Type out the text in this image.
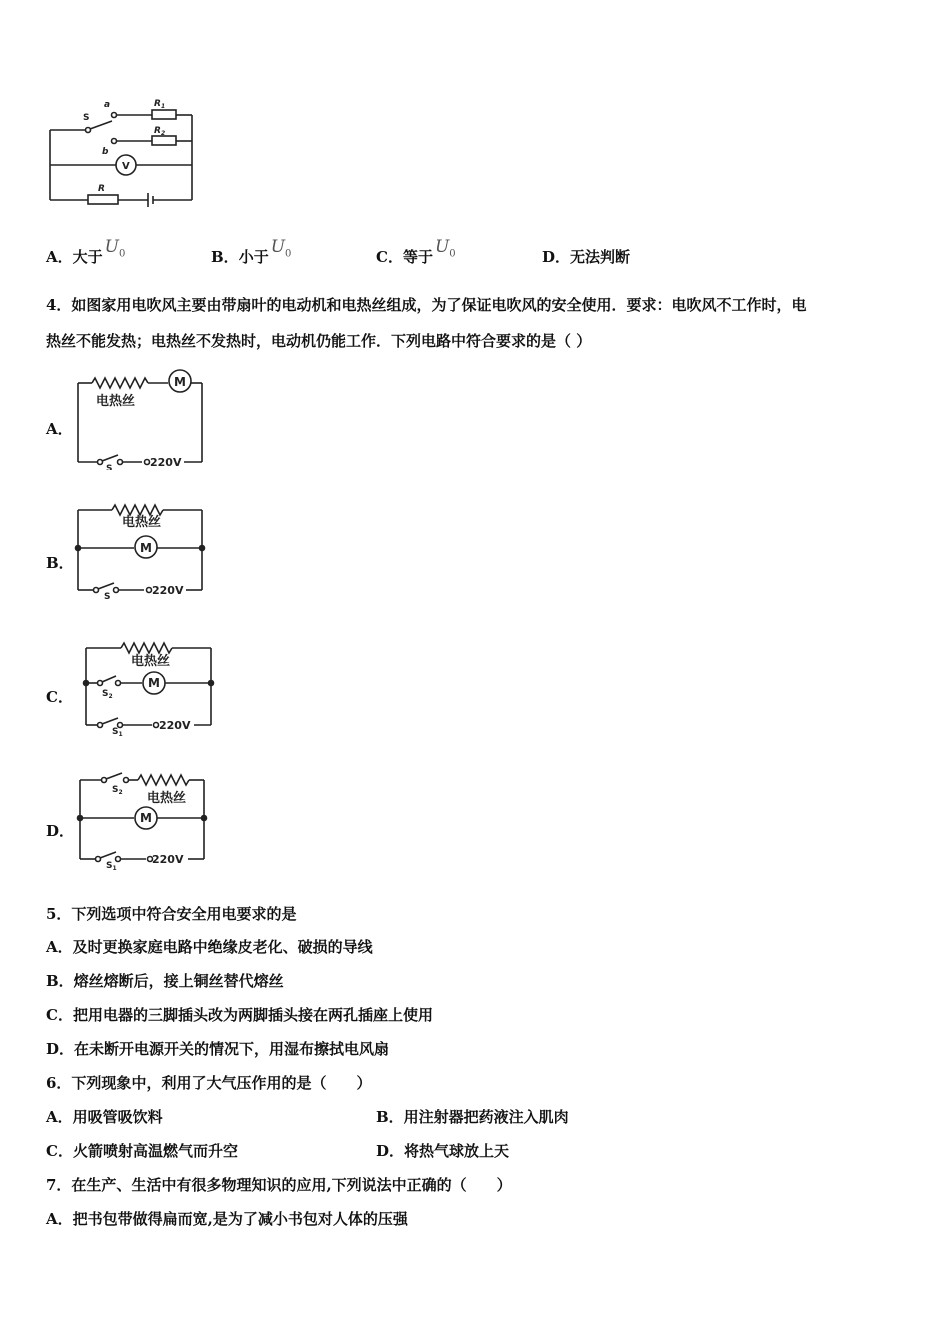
S
a
b
$R_1$
$R_2$
V
R
A．大于 $U_0$	B．小于 $U_0$	C．等于 $U_0$	D．无法判断
4．如图家用电吹风主要由带扇叶的电动机和电热丝组成，为了保证电吹风的安全使用．要求：电吹风不工作时，电
热丝不能发热；电热丝不发热时，电动机仍能工作．下列电路中符合要求的是（ ）
A．
电热丝
M
S	220V
B．
电热丝
M
S	220V
C．
电热丝
M
$S_2$
$S_1$
220V
D．
$S_2$ 电热丝
M
$S_1$
220V
5．下列选项中符合安全用电要求的是
A．及时更换家庭电路中绝缘皮老化、破损的导线
B．熔丝熔断后，接上铜丝替代熔丝
C．把用电器的三脚插头改为两脚插头接在两孔插座上使用
D．在未断开电源开关的情况下，用湿布擦拭电风扇
6．下列现象中，利用了大气压作用的是（　　）
A．用吸管吸饮料	B．用注射器把药液注入肌肉
C．火箭喷射高温燃气而升空	D．将热气球放上天
7．在生产、生活中有很多物理知识的应用,下列说法中正确的（　　）
A．把书包带做得扁而宽,是为了减小书包对人体的压强
